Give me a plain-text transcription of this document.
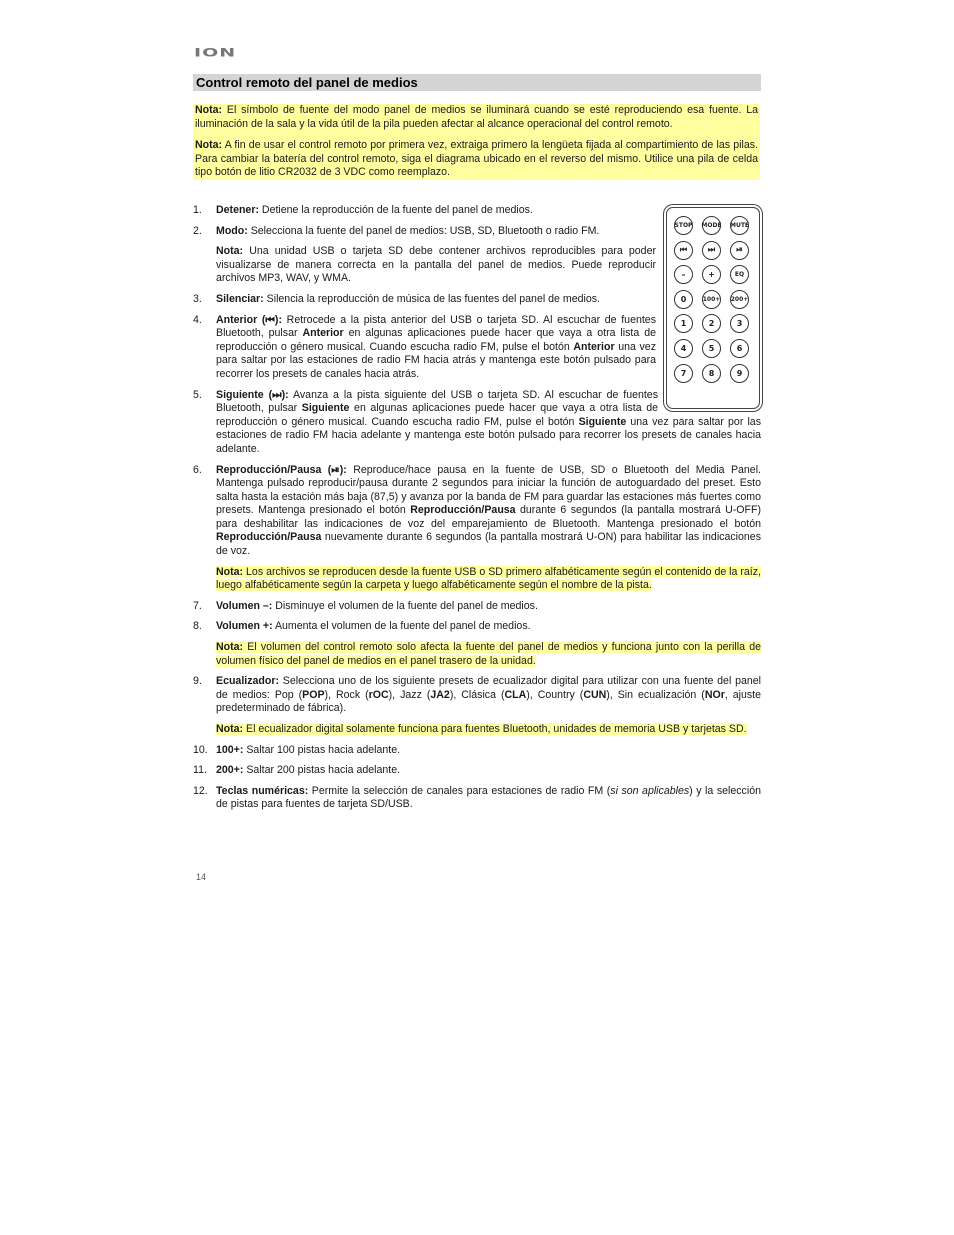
ION
Control remoto del panel de medios

Nota: El símbolo de fuente del modo panel de medios se iluminará cuando se esté reproduciendo esa fuente. La iluminación de la sala y la vida útil de la pila pueden afectar al alcance operacional del control remoto.

Nota: A fin de usar el control remoto por primera vez, extraiga primero la lengüeta fijada al compartimiento de las pilas. Para cambiar la batería del control remoto, siga el diagrama ubicado en el reverso del mismo. Utilice una pila de celda tipo botón de litio CR2032 de 3 VDC como reemplazo.

STOP MODE MUTE
⏮	⏭	⏯
–	+	EQ
0	100+ 200+
1	2	3
4	5	6
7	8	9
1. Detener: Detiene la reproducción de la fuente del panel de medios.
2. Modo: Selecciona la fuente del panel de medios: USB, SD, Bluetooth o radio FM.
Nota: Una unidad USB o tarjeta SD debe contener archivos reproducibles para poder visualizarse de manera correcta en la pantalla del panel de medios. Puede reproducir archivos MP3, WAV, y WMA.
3. Silenciar: Silencia la reproducción de música de las fuentes del panel de medios.
4. Anterior (⏮): Retrocede a la pista anterior del USB o tarjeta SD. Al escuchar de fuentes Bluetooth, pulsar Anterior en algunas aplicaciones puede hacer que vaya a otra lista de reproducción o género musical. Cuando escucha radio FM, pulse el botón Anterior una vez para saltar por las estaciones de radio FM hacia atrás y mantenga este botón pulsado para recorrer los presets de canales hacia atrás.
5. Siguiente (⏭): Avanza a la pista siguiente del USB o tarjeta SD. Al escuchar de fuentes Bluetooth, pulsar Siguiente en algunas aplicaciones puede hacer que vaya a otra lista de reproducción o género musical. Cuando escucha radio FM, pulse el botón Siguiente una vez para saltar por las estaciones de radio FM hacia adelante y mantenga este botón pulsado para recorrer los presets de canales hacia adelante.
6. Reproducción/Pausa (⏯): Reproduce/hace pausa en la fuente de USB, SD o Bluetooth del Media Panel. Mantenga pulsado reproducir/pausa durante 2 segundos para iniciar la función de autoguardado del preset. Esto salta hasta la estación más baja (87,5) y avanza por la banda de FM para guardar las estaciones más fuertes como presets. Mantenga presionado el botón Reproducción/Pausa durante 6 segundos (la pantalla mostrará U-OFF) para deshabilitar las indicaciones de voz del emparejamiento de Bluetooth. Mantenga presionado el botón Reproducción/Pausa nuevamente durante 6 segundos (la pantalla mostrará U-ON) para habilitar las indicaciones de voz.
Nota: Los archivos se reproducen desde la fuente USB o SD primero alfabéticamente según el contenido de la raíz, luego alfabéticamente según la carpeta y luego alfabéticamente según el nombre de la pista.
7. Volumen –: Disminuye el volumen de la fuente del panel de medios.
8. Volumen +: Aumenta el volumen de la fuente del panel de medios.
Nota: El volumen del control remoto solo afecta la fuente del panel de medios y funciona junto con la perilla de volumen físico del panel de medios en el panel trasero de la unidad.
9. Ecualizador: Selecciona uno de los siguiente presets de ecualizador digital para utilizar con una fuente del panel de medios: Pop (POP), Rock (rOC), Jazz (JA2), Clásica (CLA), Country (CUN), Sin ecualización (NOr, ajuste predeterminado de fábrica).
Nota: El ecualizador digital solamente funciona para fuentes Bluetooth, unidades de memoria USB y tarjetas SD.
10. 100+: Saltar 100 pistas hacia adelante.
11. 200+: Saltar 200 pistas hacia adelante.
12. Teclas numéricas: Permite la selección de canales para estaciones de radio FM (si son aplicables) y la selección de pistas para fuentes de tarjeta SD/USB.
14
